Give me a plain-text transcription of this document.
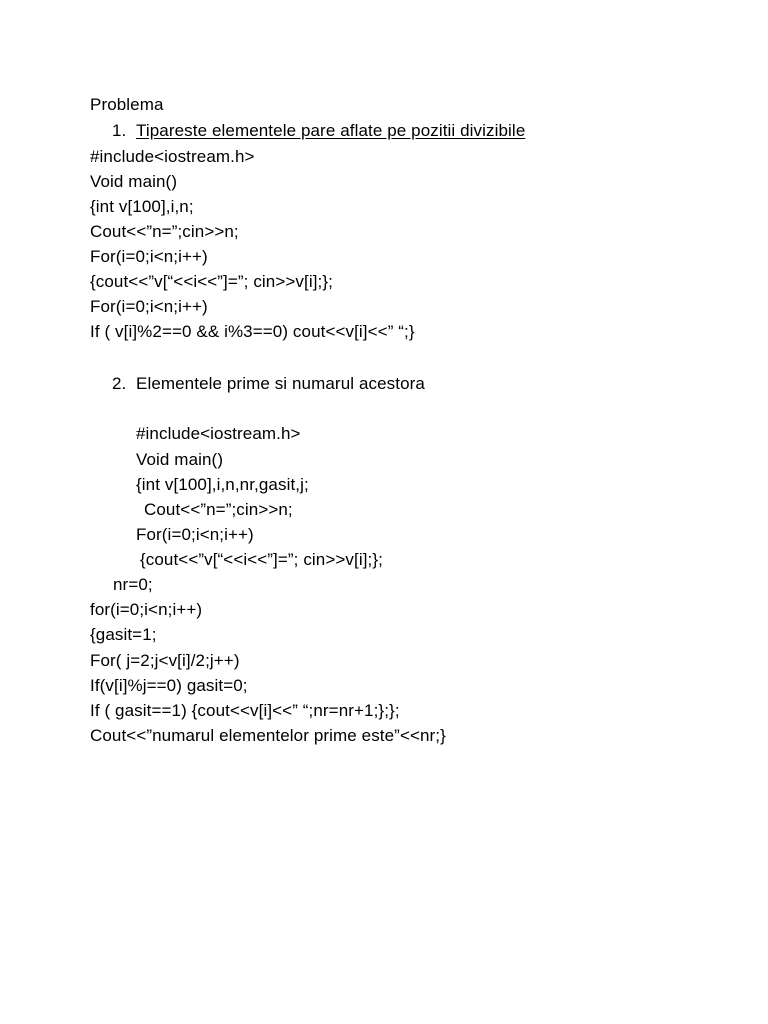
Problema
1. Tipareste elementele pare aflate pe pozitii divizibile
#include<iostream.h>
Void main()
{int v[100],i,n;
Cout<<”n=”;cin>>n;
For(i=0;i<n;i++)
{cout<<”v[“<<i<<”]=”; cin>>v[i];};
For(i=0;i<n;i++)
If ( v[i]%2==0 && i%3==0) cout<<v[i]<<” “;}
2. Elementele prime si numarul acestora
#include<iostream.h>
Void main()
{int v[100],i,n,nr,gasit,j;
Cout<<”n=”;cin>>n;
For(i=0;i<n;i++)
{cout<<”v[“<<i<<”]=”; cin>>v[i];};
nr=0;
for(i=0;i<n;i++)
{gasit=1;
For( j=2;j<v[i]/2;j++)
If(v[i]%j==0) gasit=0;
If ( gasit==1) {cout<<v[i]<<” “;nr=nr+1;};};
Cout<<”numarul elementelor prime este”<<nr;}
